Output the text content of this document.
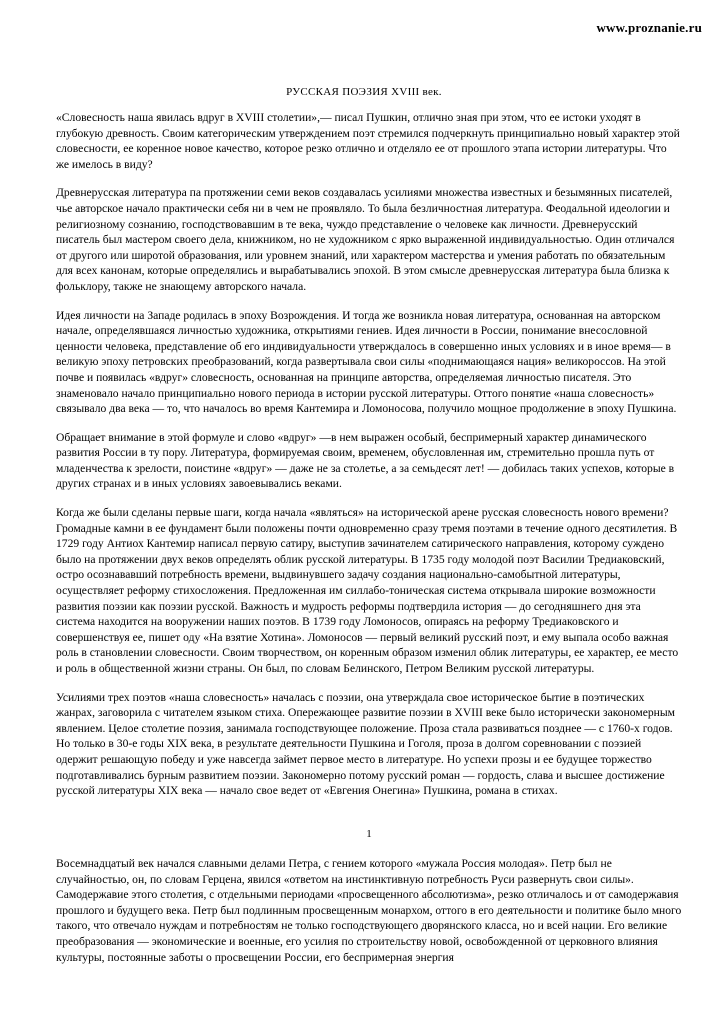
www.proznanie.ru
РУССКАЯ ПОЭЗИЯ XVIII век.

«Словесность наша явилась вдруг в XVIII столетии»,— писал Пушкин, отлично зная при этом, что ее истоки уходят в глубокую древность. Своим категорическим утверждением поэт стремился подчеркнуть принципиально новый характер этой словесности, ее коренное новое качество, которое резко отлично и отделяло ее от прошлого этапа истории литературы. Что же имелось в виду?

Древнерусская литература па протяжении семи веков создавалась усилиями множества известных и безымянных писателей, чье авторское начало практически себя ни в чем не проявляло. То была безличностная литература. Феодальной идеологии и религиозному сознанию, господствовавшим в те века, чуждо представление о человеке как личности. Древнерусский писатель был мастером своего дела, книжником, но не художником с ярко выраженной индивидуальностью. Один отличался от другого или широтой образования, или уровнем знаний, или характером мастерства и умения работать по обязательным для всех канонам, которые определялись и вырабатывались эпохой. В этом смысле древнерусская литература была близка к фольклору, также не знающему авторского начала.

Идея личности на Западе родилась в эпоху Возрождения. И тогда же возникла новая литература, основанная на авторском начале, определявшаяся личностью художника, открытиями гениев. Идея личности в России, понимание внесословной ценности человека, представление об его индивидуальности утверждалось в совершенно иных условиях и в иное время— в великую эпоху петровских преобразований, когда развертывала свои силы «поднимающаяся нация» великороссов. На этой почве и появилась «вдруг» словесность, основанная на принципе авторства, определяемая личностью писателя. Это знаменовало начало принципиально нового периода в истории русской литературы. Оттого понятие «наша словесность» связывало два века — то, что началось во время Кантемира и Ломоносова, получило мощное продолжение в эпоху Пушкина.

Обращает внимание в этой формуле и слово «вдруг» —в нем выражен особый, беспримерный характер динамического развития России в ту пору. Литература, формируемая своим, временем, обусловленная им, стремительно прошла путь от младенчества к зрелости, поистине «вдруг» — даже не за столетье, а за семьдесят лет! — добилась таких успехов, которые в других странах и в иных условиях завоевывались веками.

Когда же были сделаны первые шаги, когда начала «являться» на исторической арене русская словесность нового времени? Громадные камни в ее фундамент были положены почти одновременно сразу тремя поэтами в течение одного десятилетия. В 1729 году Антиох Кантемир написал первую сатиру, выступив зачинателем сатирического направления, которому суждено было на протяжении двух веков определять облик русской литературы. В 1735 году молодой поэт Василии Тредиаковский, остро осознававший потребность времени, выдвинувшего задачу создания национально-самобытной литературы, осуществляет реформу стихосложения. Предложенная им силлабо-тоническая система открывала широкие возможности развития поэзии как поэзии русской. Важность и мудрость реформы подтвердила история — до сегодняшнего дня эта система находится на вооружении наших поэтов. В 1739 году Ломоносов, опираясь на реформу Тредиаковского и совершенствуя ее, пишет оду «На взятие Хотина». Ломоносов — первый великий русский поэт, и ему выпала особо важная роль в становлении словесности. Своим творчеством, он коренным образом изменил облик литературы, ее характер, ее место и роль в общественной жизни страны. Он был, по словам Белинского, Петром Великим русской литературы.

Усилиями трех поэтов «наша словесность» началась с поэзии, она утверждала свое историческое бытие в поэтических жанрах, заговорила с читателем языком стиха. Опережающее развитие поэзии в XVIII веке было исторически закономерным явлением. Целое столетие поэзия, занимала господствующее положение. Проза стала развиваться позднее — с 1760-х годов. Но только в 30-е годы XIX века, в результате деятельности Пушкина и Гоголя, проза в долгом соревновании с поэзией одержит решающую победу и уже навсегда займет первое место в литературе. Но успехи прозы и ее будущее торжество подготавливались бурным развитием поэзии. Закономерно потому русский роман — гордость, слава и высшее достижение русской литературы XIX века — начало свое ведет от «Евгения Онегина» Пушкина, романа в стихах.

1

Восемнадцатый век начался славными делами Петра, с гением которого «мужала Россия молодая». Петр был не случайностью, он, по словам Герцена, явился «ответом на инстинктивную потребность Руси развернуть свои силы». Самодержавие этого столетия, с отдельными периодами «просвещенного абсолютизма», резко отличалось и от самодержавия прошлого и будущего века. Петр был подлинным просвещенным монархом, оттого в его деятельности и политике было много такого, что отвечало нуждам и потребностям не только господствующего дворянского класса, но и всей нации. Его великие преобразования — экономические и военные, его усилия по строительству новой, освобожденной от церковного влияния культуры, постоянные заботы о просвещении России, его беспримерная энергия
